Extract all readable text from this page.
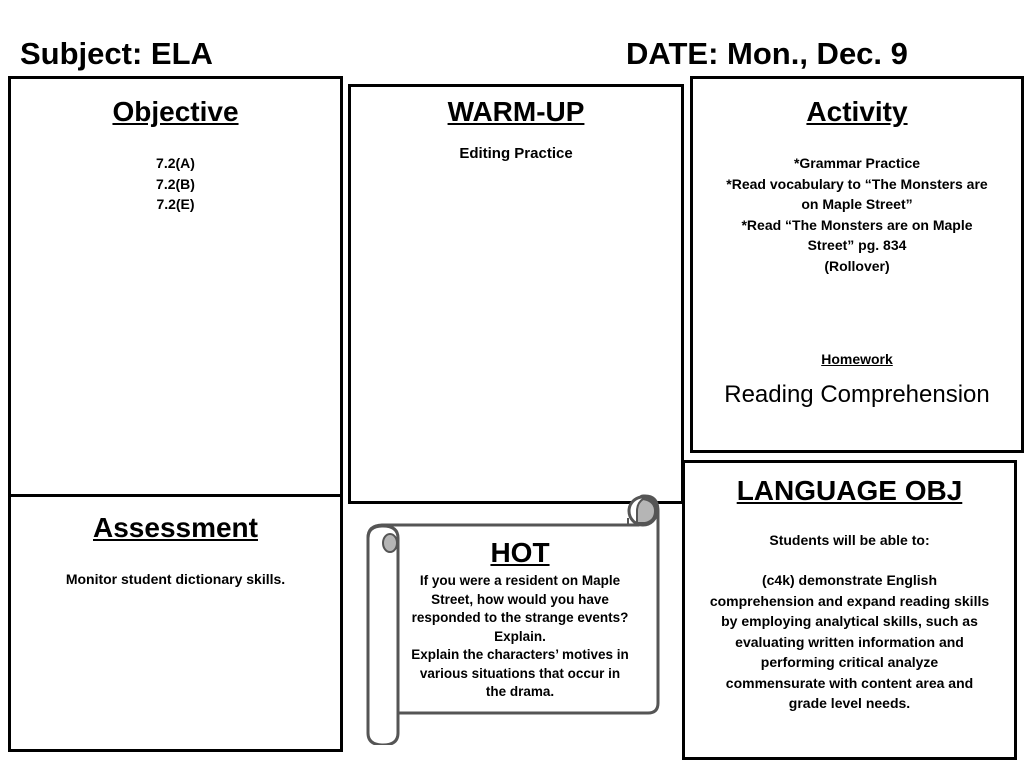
Subject: ELA	DATE: Mon., Dec. 9
Objective
7.2(A)
7.2(B)
7.2(E)
Assessment
Monitor student dictionary skills.
WARM-UP
Editing Practice
Activity
*Grammar Practice
*Read vocabulary to “The Monsters are
on Maple Street”
*Read “The Monsters are on Maple
Street” pg. 834
(Rollover)
Homework
Reading Comprehension
LANGUAGE OBJ
Students will be able to:
(c4k) demonstrate English
comprehension and expand reading skills
by employing analytical skills, such as
evaluating written information and
performing critical analyze
commensurate with content area and
grade level needs.
HOT
If you were a resident on Maple
Street, how would you have
responded to the strange events?
Explain.
Explain the characters’ motives in
various situations that occur in
the drama.
